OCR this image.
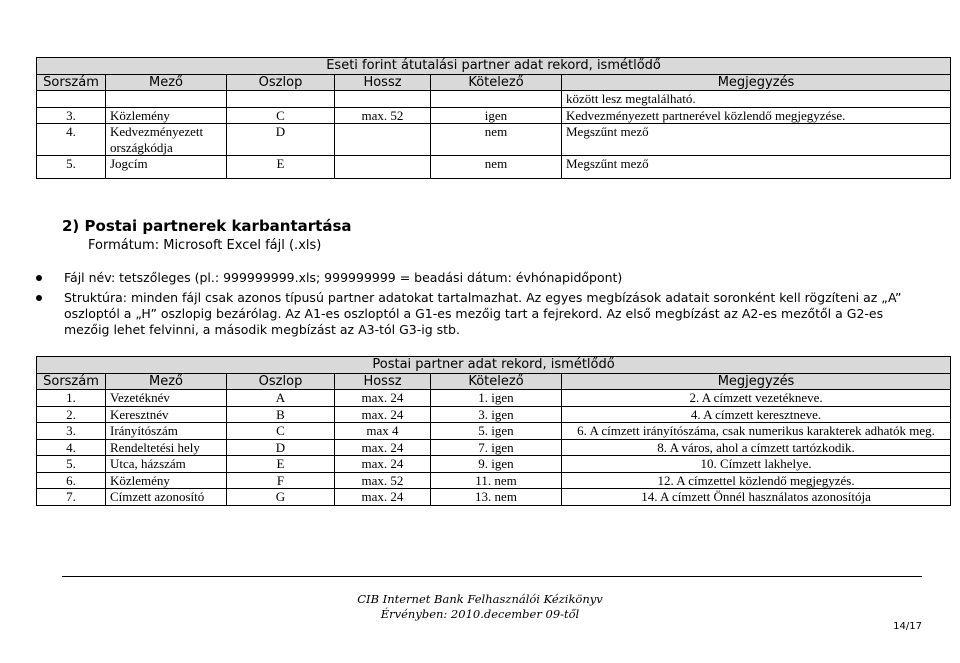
Eseti forint átutalási partner adat rekord, ismétlődő					
Sorszám	Mező	Oszlop	Hossz	Kötelező	Megjegyzés
					között lesz megtalálható.
3.	Közlemény	C	max. 52	igen	Kedvezményezett partnerével közlendő megjegyzése.
4.	Kedvezményezett országkódja	D		nem	Megszűnt mező
5.	Jogcím	E		nem	Megszűnt mező
2) Postai partnerek karbantartása
Formátum: Microsoft Excel fájl (.xls)
Fájl név: tetszőleges (pl.: 999999999.xls; 999999999 = beadási dátum: évhónapidőpont)
Struktúra: minden fájl csak azonos típusú partner adatokat tartalmazhat. Az egyes megbízások adatait soronként kell rögzíteni az „A” oszloptól a „H” oszlopig bezárólag. Az A1-es oszloptól a G1-es mezőig tart a fejrekord. Az első megbízást az A2-es mezőtől a G2-es mezőig lehet felvinni, a második megbízást az A3-tól G3-ig stb.
Postai partner adat rekord, ismétlődő					
Sorszám	Mező	Oszlop	Hossz	Kötelező	Megjegyzés
1.	Vezetéknév	A	max. 24	1. igen	2. A címzett vezetékneve.
2.	Keresztnév	B	max. 24	3. igen	4. A címzett keresztneve.
3.	Irányítószám	C	max 4	5. igen	6. A címzett irányítószáma, csak numerikus karakterek adhatók meg.
4.	Rendeltetési hely	D	max. 24	7. igen	8. A város, ahol a címzett tartózkodik.
5.	Utca, házszám	E	max. 24	9. igen	10. Címzett lakhelye.
6.	Közlemény	F	max. 52	11. nem	12. A címzettel közlendő megjegyzés.
7.	Címzett azonosító	G	max. 24	13. nem	14. A címzett Önnél használatos azonosítója
CIB Internet Bank Felhasználói Kézikönyv
Érvényben: 2010.december 09-től
14/17
